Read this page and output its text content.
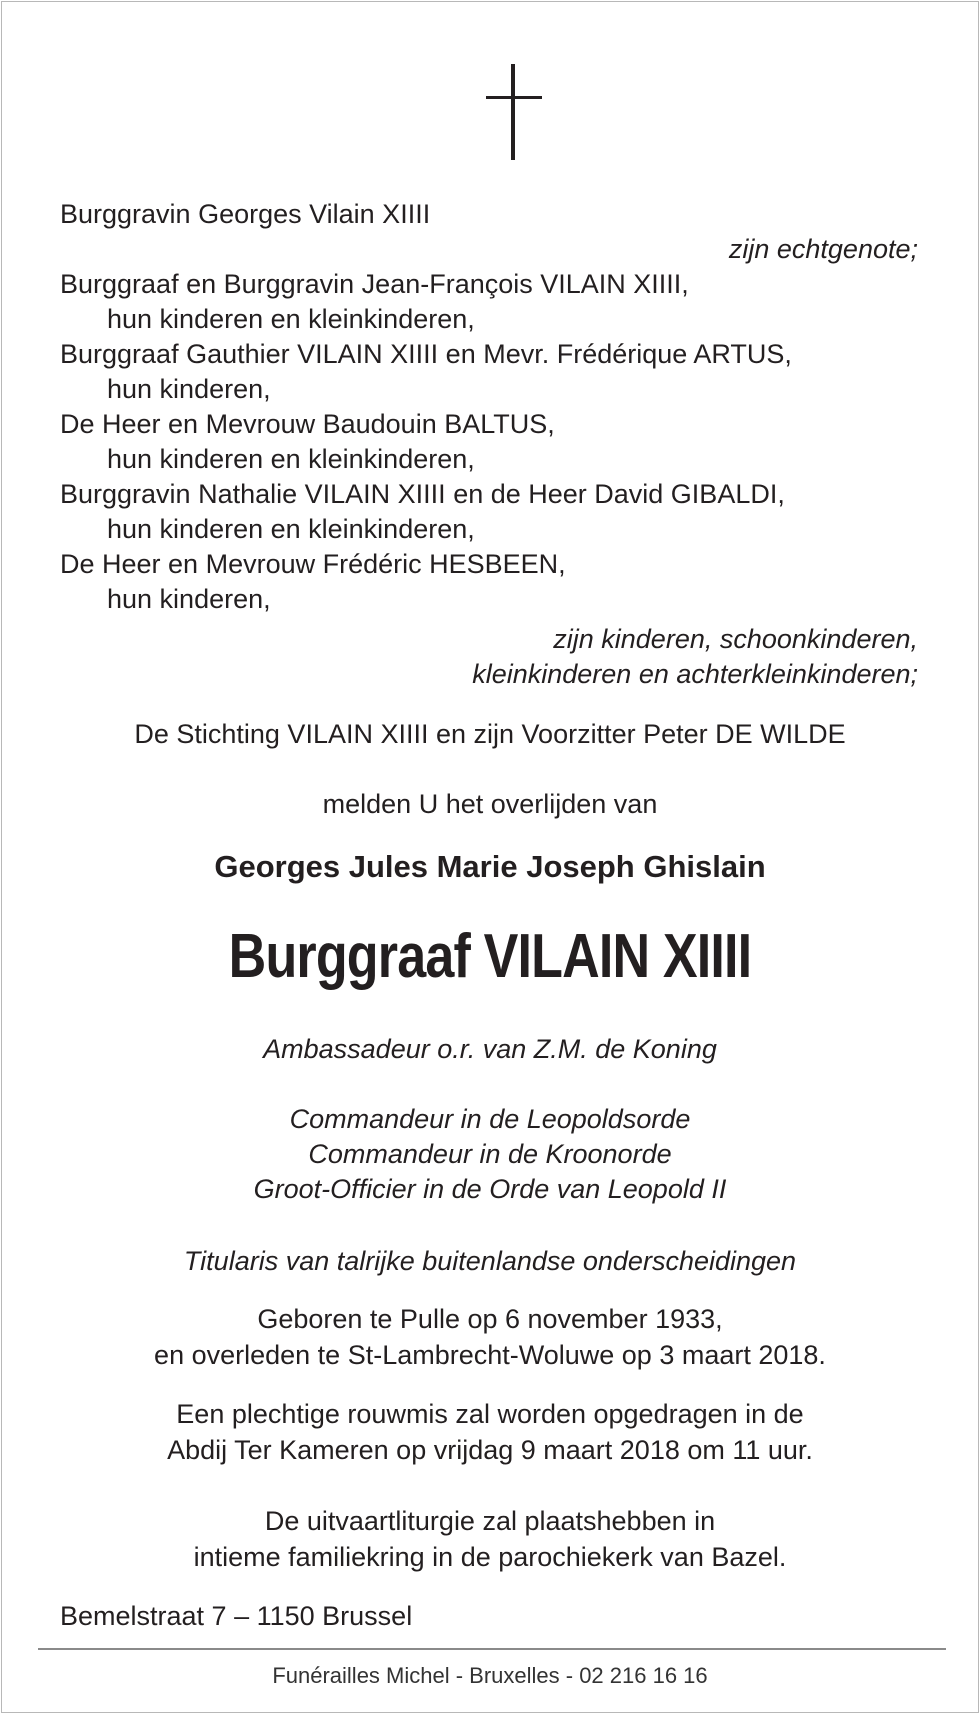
Burggravin Georges Vilain XIIII
zijn echtgenote;
Burggraaf en Burggravin Jean-François VILAIN XIIII,
hun kinderen en kleinkinderen,
Burggraaf Gauthier VILAIN XIIII en Mevr. Frédérique ARTUS,
hun kinderen,
De Heer en Mevrouw Baudouin BALTUS,
hun kinderen en kleinkinderen,
Burggravin Nathalie VILAIN XIIII en de Heer David GIBALDI,
hun kinderen en kleinkinderen,
De Heer en Mevrouw Frédéric HESBEEN,
hun kinderen,
zijn kinderen, schoonkinderen,
kleinkinderen en achterkleinkinderen;
De Stichting VILAIN XIIII en zijn Voorzitter Peter DE WILDE
melden U het overlijden van
Georges Jules Marie Joseph Ghislain
Burggraaf VILAIN XIIII
Ambassadeur o.r. van Z.M. de Koning
Commandeur in de Leopoldsorde
Commandeur in de Kroonorde
Groot-Officier in de Orde van Leopold II
Titularis van talrijke buitenlandse onderscheidingen
Geboren te Pulle op 6 november 1933,
en overleden te St-Lambrecht-Woluwe op 3 maart 2018.
Een plechtige rouwmis zal worden opgedragen in de
Abdij Ter Kameren op vrijdag 9 maart 2018 om 11 uur.
De uitvaartliturgie zal plaatshebben in
intieme familiekring in de parochiekerk van Bazel.
Bemelstraat 7 – 1150 Brussel
Funérailles Michel - Bruxelles - 02 216 16 16
